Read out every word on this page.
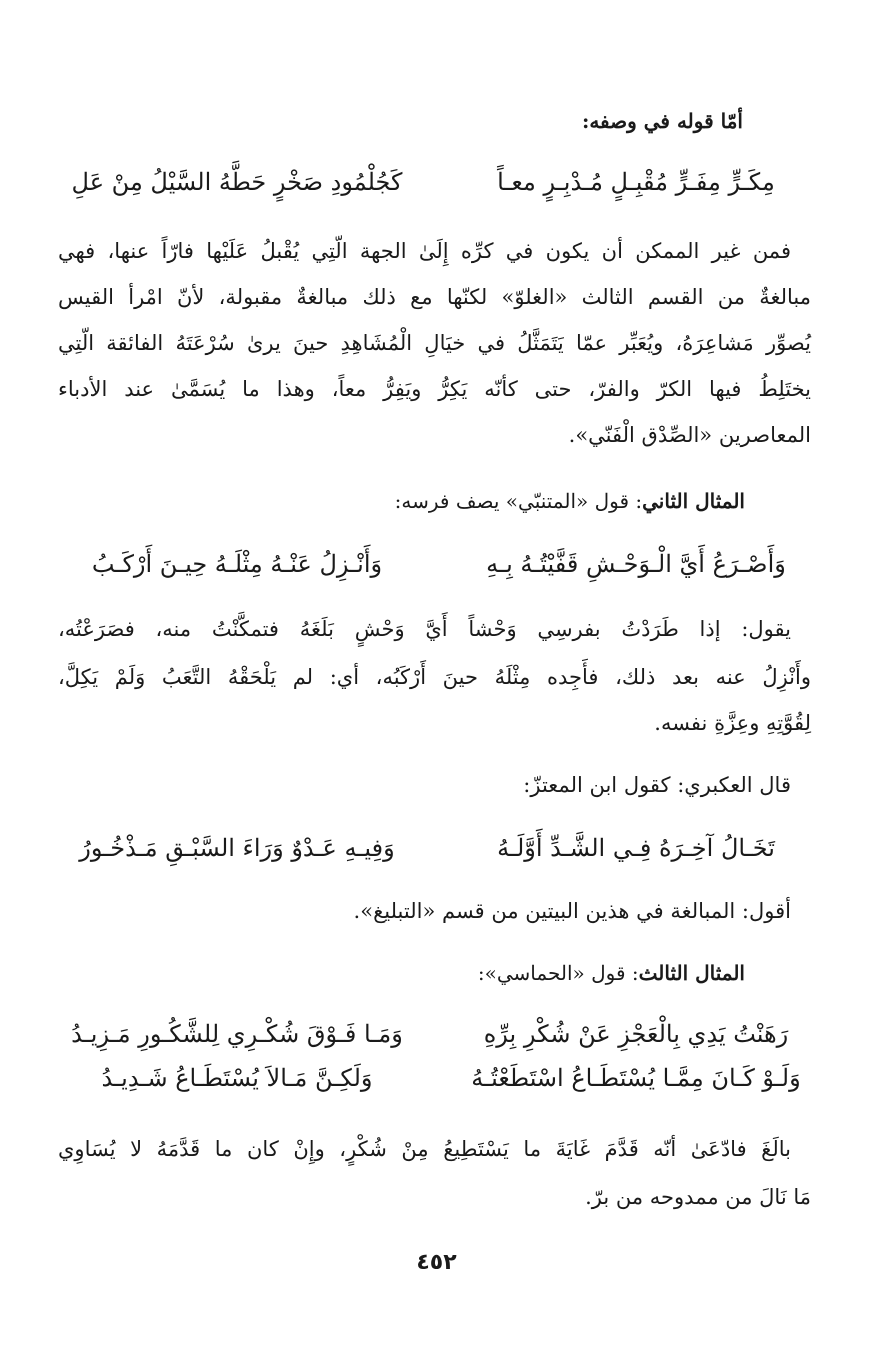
أمّا قوله في وصفه:
مِكَـرٍّ مِفَـرٍّ مُقْبِـلٍ مُـدْبِـرٍ معـاً
كَجُلْمُودِ صَخْرٍ حَطَّهُ السَّيْلُ مِنْ عَلِ
فمن غير الممكن أن يكون في كرِّه إِلَىٰ الجهة الّتِي يُقْبلُ عَلَيْها فارّاً عنها، فهي
مبالغةٌ من القسم الثالث «الغلوّ» لكنّها مع ذلك مبالغةٌ مقبولة، لأنّ امْرأ القيس
يُصوِّر مَشاعِرَهُ، ويُعَبِّر عمّا يَتَمَثَّلُ في خيَالِ الْمُشَاهِدِ حينَ يرىٰ سُرْعَتَهُ الفائقة الّتِي
يختَلِطُ فيها الكرّ والفرّ، حتى كأنّه يَكِرُّ ويَفِرُّ معاً، وهذا ما يُسَمَّىٰ عند الأدباء
المعاصرين «الصِّدْق الْفَنّي».
المثال الثاني: قول «المتنبّي» يصف فرسه:
وَأَصْـرَعُ أَيَّ الْـوَحْـشِ قَفَّيْتُـهُ بِـهِ
وَأَنْـزِلُ عَنْـهُ مِثْلَـهُ حِيـنَ أَرْكَـبُ
يقول: إذا طَرَدْتُ بفرسِي وَحْشاً أَيَّ وَحْشٍ بَلَغَهُ فتمكَّنْتُ منه، فصَرَعْتُه،
وأَنْزِلُ عنه بعد ذلك، فأَجِده مِثْلَهُ حينَ أَرْكَبُه، أي: لم يَلْحَقْهُ التَّعَبُ وَلَمْ يَكِلَّ،
لِقُوَّتِهِ وعِزَّةِ نفسه.
قال العكبري: كقول ابن المعتزّ:
تَخَـالُ آخِـرَهُ فِـي الشَّـدِّ أَوَّلَـهُ
وَفِيـهِ عَـدْوٌ وَرَاءَ السَّبْـقِ مَـذْخُـورُ
أقول: المبالغة في هذين البيتين من قسم «التبليغ».
المثال الثالث: قول «الحماسي»:
رَهَنْتُ يَدِي بِالْعَجْزِ عَنْ شُكْرِ بِرِّهِ
وَمَـا فَـوْقَ شُكْـرِي لِلشَّكُـورِ مَـزِيـدُ
وَلَـوْ كَـانَ مِمَّـا يُسْتَطَـاعُ اسْتَطَعْتُـهُ
وَلَكِـنَّ مَـالاَ يُسْتَطَـاعُ شَـدِيـدُ
بالَغَ فادّعَىٰ أنّه قَدَّمَ غَايَةَ ما يَسْتَطِيعُ مِنْ شُكْرٍ، وإِنْ كان ما قَدَّمَهُ لا يُسَاوِي
مَا نَالَ من ممدوحه من برّ.
٤٥٢
